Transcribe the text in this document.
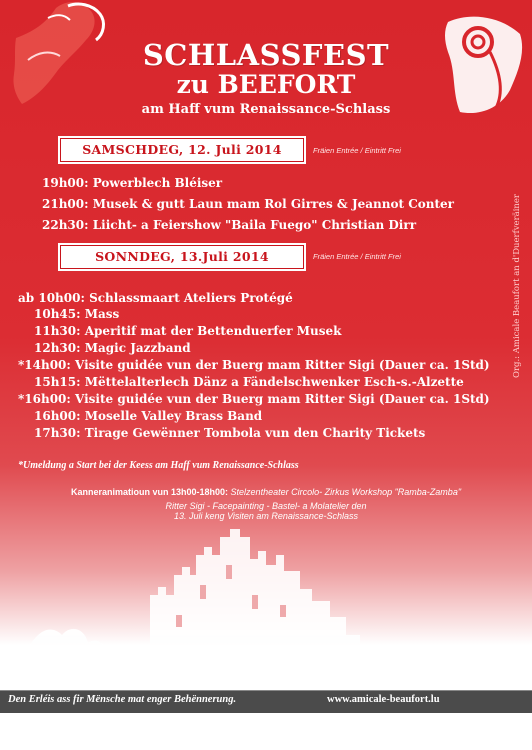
SCHLASSFEST
zu BEEFORT
am Haff vum Renaissance-Schlass
SAMSCHDEG, 12. Juli 2014	Fräien Entrée / Eintritt Frei
19h00: Powerblech Bléiser
21h00: Musek & gutt Laun mam Rol Girres & Jeannot Conter
22h30: Liicht- a Feiershow "Baila Fuego" Christian Dirr
SONNDEG, 13.Juli 2014	Fräien Entrée / Eintritt Frei
ab 10h00: Schlassmaart Ateliers Protégé
10h45: Mass
11h30: Aperitif mat der Bettenduerfer Musek
12h30: Magic Jazzband
*14h00: Visite guidée vun der Buerg mam Ritter Sigi (Dauer ca. 1Std)
15h15: Mëttelalterlech Dänz a Fändelschwenker Esch-s.-Alzette
*16h00: Visite guidée vun der Buerg mam Ritter Sigi (Dauer ca. 1Std)
16h00: Moselle Valley Brass Band
17h30: Tirage Gewënner Tombola vun den Charity Tickets
*Umeldung a Start bei der Keess am Haff vum Renaissance-Schlass
Kanneranimatioun vun 13h00-18h00: Stelzentheater Circolo- Zirkus Workshop "Ramba-Zamba"
Ritter Sigi - Facepainting - Bastel- a Molatelier den
13. Juli keng Visiten am Renaissance-Schlass
Org.: Amicale Beaufort an d'Duerfveräiner
Den Erléis ass fir Mënsche mat enger Behënnerung.	www.amicale-beaufort.lu
